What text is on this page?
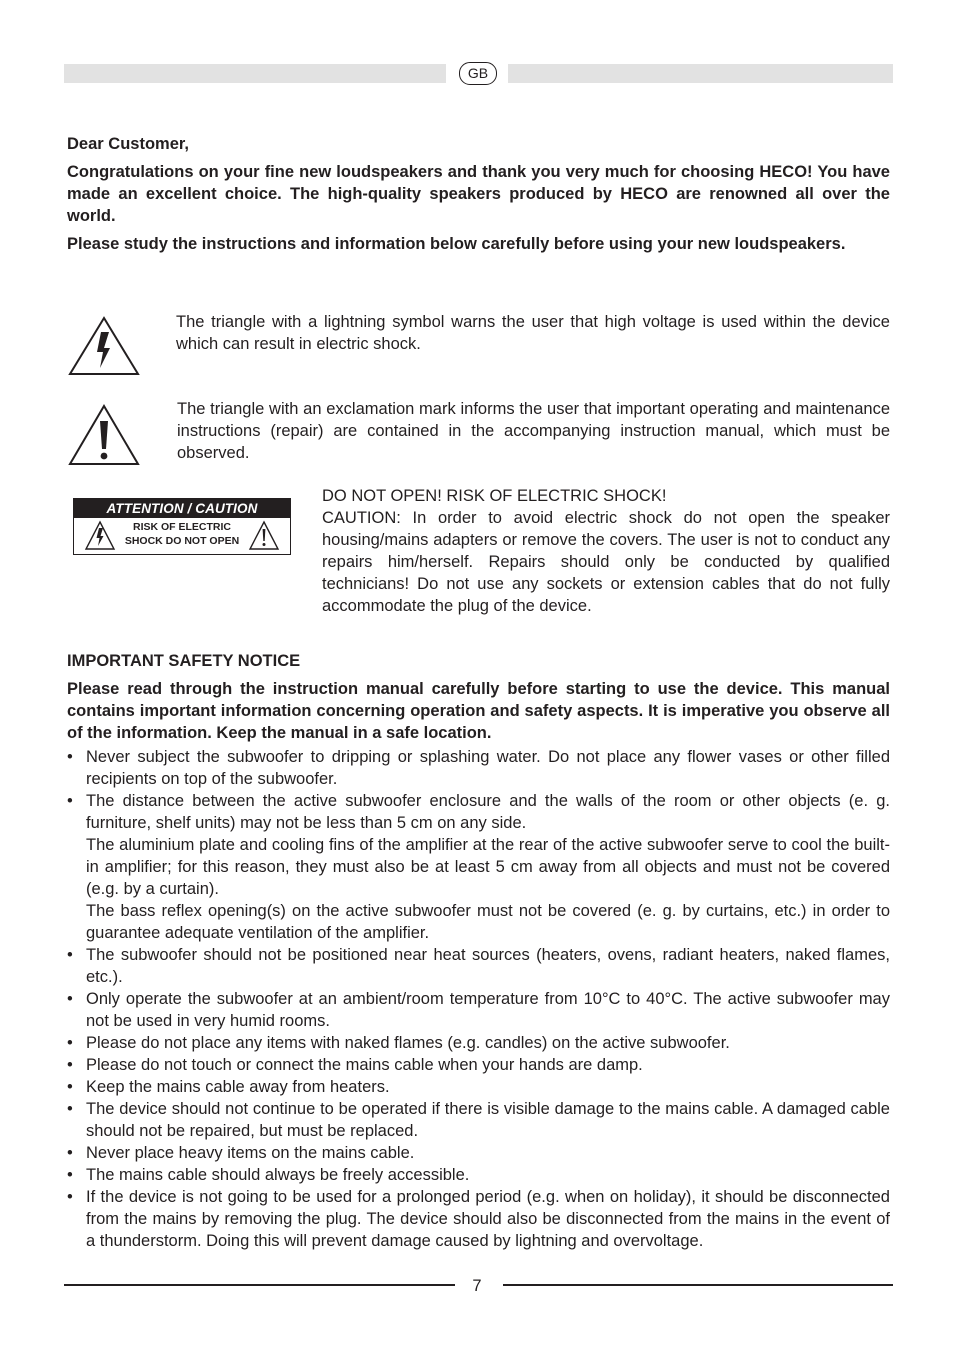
GB

Dear Customer,

Congratulations on your fine new loudspeakers and thank you very much for choosing HECO! You have made an excellent choice. The high-quality speakers produced by HECO are renowned all over the world.

Please study the instructions and information below carefully before using your new loudspeakers.

The triangle with a lightning symbol warns the user that high voltage is used within the device which can result in electric shock.

The triangle with an exclamation mark informs the user that important operating and maintenance instructions (repair) are contained in the accompanying instruction manual, which must be observed.

ATTENTION / CAUTION
RISK OF ELECTRIC
SHOCK DO NOT OPEN

DO NOT OPEN! RISK OF ELECTRIC SHOCK!

CAUTION: In order to avoid electric shock do not open the speaker housing/mains adapters or remove the covers. The user is not to conduct any repairs him/herself. Repairs should only be conducted by qualified technicians! Do not use any sockets or extension cables that do not fully accommodate the plug of the device.

IMPORTANT SAFETY NOTICE

Please read through the instruction manual carefully before starting to use the device. This manual contains important information concerning operation and safety aspects. It is imperative you observe all of the information. Keep the manual in a safe location.

• Never subject the subwoofer to dripping or splashing water. Do not place any flower vases or other filled recipients on top of the subwoofer.
• The distance between the active subwoofer enclosure and the walls of the room or other objects (e. g. furniture, shelf units) may not be less than 5 cm on any side.
The aluminium plate and cooling fins of the amplifier at the rear of the active subwoofer serve to cool the built-in amplifier; for this reason, they must also be at least 5 cm away from all objects and must not be covered (e.g. by a curtain).
The bass reflex opening(s) on the active subwoofer must not be covered (e. g. by curtains, etc.) in order to guarantee adequate ventilation of the amplifier.
• The subwoofer should not be positioned near heat sources (heaters, ovens, radiant heaters, naked flames, etc.).
• Only operate the subwoofer at an ambient/room temperature from 10°C to 40°C. The active subwoofer may not be used in very humid rooms.
• Please do not place any items with naked flames (e.g. candles) on the active subwoofer.
• Please do not touch or connect the mains cable when your hands are damp.
• Keep the mains cable away from heaters.
• The device should not continue to be operated if there is visible damage to the mains cable. A damaged cable should not be repaired, but must be replaced.
• Never place heavy items on the mains cable.
• The mains cable should always be freely accessible.
• If the device is not going to be used for a prolonged period (e.g. when on holiday), it should be disconnected from the mains by removing the plug. The device should also be disconnected from the mains in the event of a thunderstorm. Doing this will prevent damage caused by lightning and overvoltage.
7
